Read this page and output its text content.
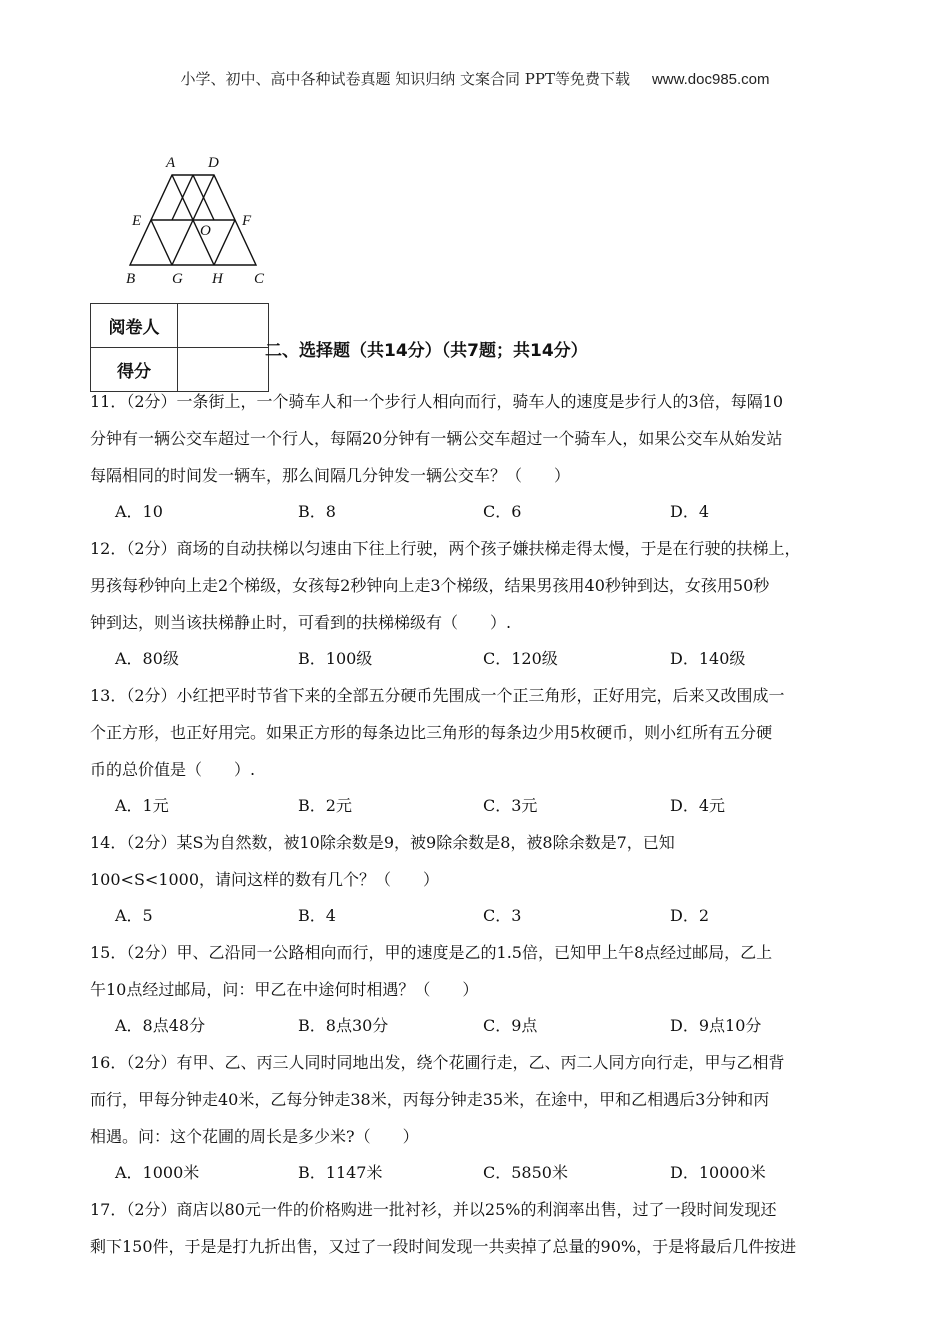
小学、初中、高中各种试卷真题 知识归纳 文案合同 PPT等免费下载 www.doc985.com
A D
E	F
O
B G H C
阅卷人	
得分	
二、选择题（共14分）（共7题；共14分）
11．（2分）一条街上，一个骑车人和一个步行人相向而行，骑车人的速度是步行人的3倍，每隔10
分钟有一辆公交车超过一个行人，每隔20分钟有一辆公交车超过一个骑车人，如果公交车从始发站
每隔相同的时间发一辆车，那么间隔几分钟发一辆公交车？（　　）
A．10	B．8	C．6	D．4
12．（2分）商场的自动扶梯以匀速由下往上行驶，两个孩子嫌扶梯走得太慢，于是在行驶的扶梯上，
男孩每秒钟向上走2个梯级，女孩每2秒钟向上走3个梯级，结果男孩用40秒钟到达，女孩用50秒
钟到达，则当该扶梯静止时，可看到的扶梯梯级有（　　）.
A．80级	B．100级	C．120级	D．140级
13．（2分）小红把平时节省下来的全部五分硬币先围成一个正三角形，正好用完，后来又改围成一
个正方形，也正好用完。如果正方形的每条边比三角形的每条边少用5枚硬币，则小红所有五分硬
币的总价值是（　　）.
A．1元	B．2元	C．3元	D．4元
14．（2分）某S为自然数，被10除余数是9，被9除余数是8，被8除余数是7，已知
100<S<1000，请问这样的数有几个？（　　）
A．5	B．4	C．3	D．2
15．（2分）甲、乙沿同一公路相向而行，甲的速度是乙的1.5倍，已知甲上午8点经过邮局，乙上
午10点经过邮局，问：甲乙在中途何时相遇？（　　）
A．8点48分	B．8点30分	C．9点	D．9点10分
16．（2分）有甲、乙、丙三人同时同地出发，绕个花圃行走，乙、丙二人同方向行走，甲与乙相背
而行，甲每分钟走40米，乙每分钟走38米，丙每分钟走35米，在途中，甲和乙相遇后3分钟和丙
相遇。问：这个花圃的周长是多少米?（　　）
A．1000米	B．1147米	C．5850米	D．10000米
17．（2分）商店以80元一件的价格购进一批衬衫，并以25%的利润率出售，过了一段时间发现还
剩下150件，于是是打九折出售，又过了一段时间发现一共卖掉了总量的90%，于是将最后几件按进
